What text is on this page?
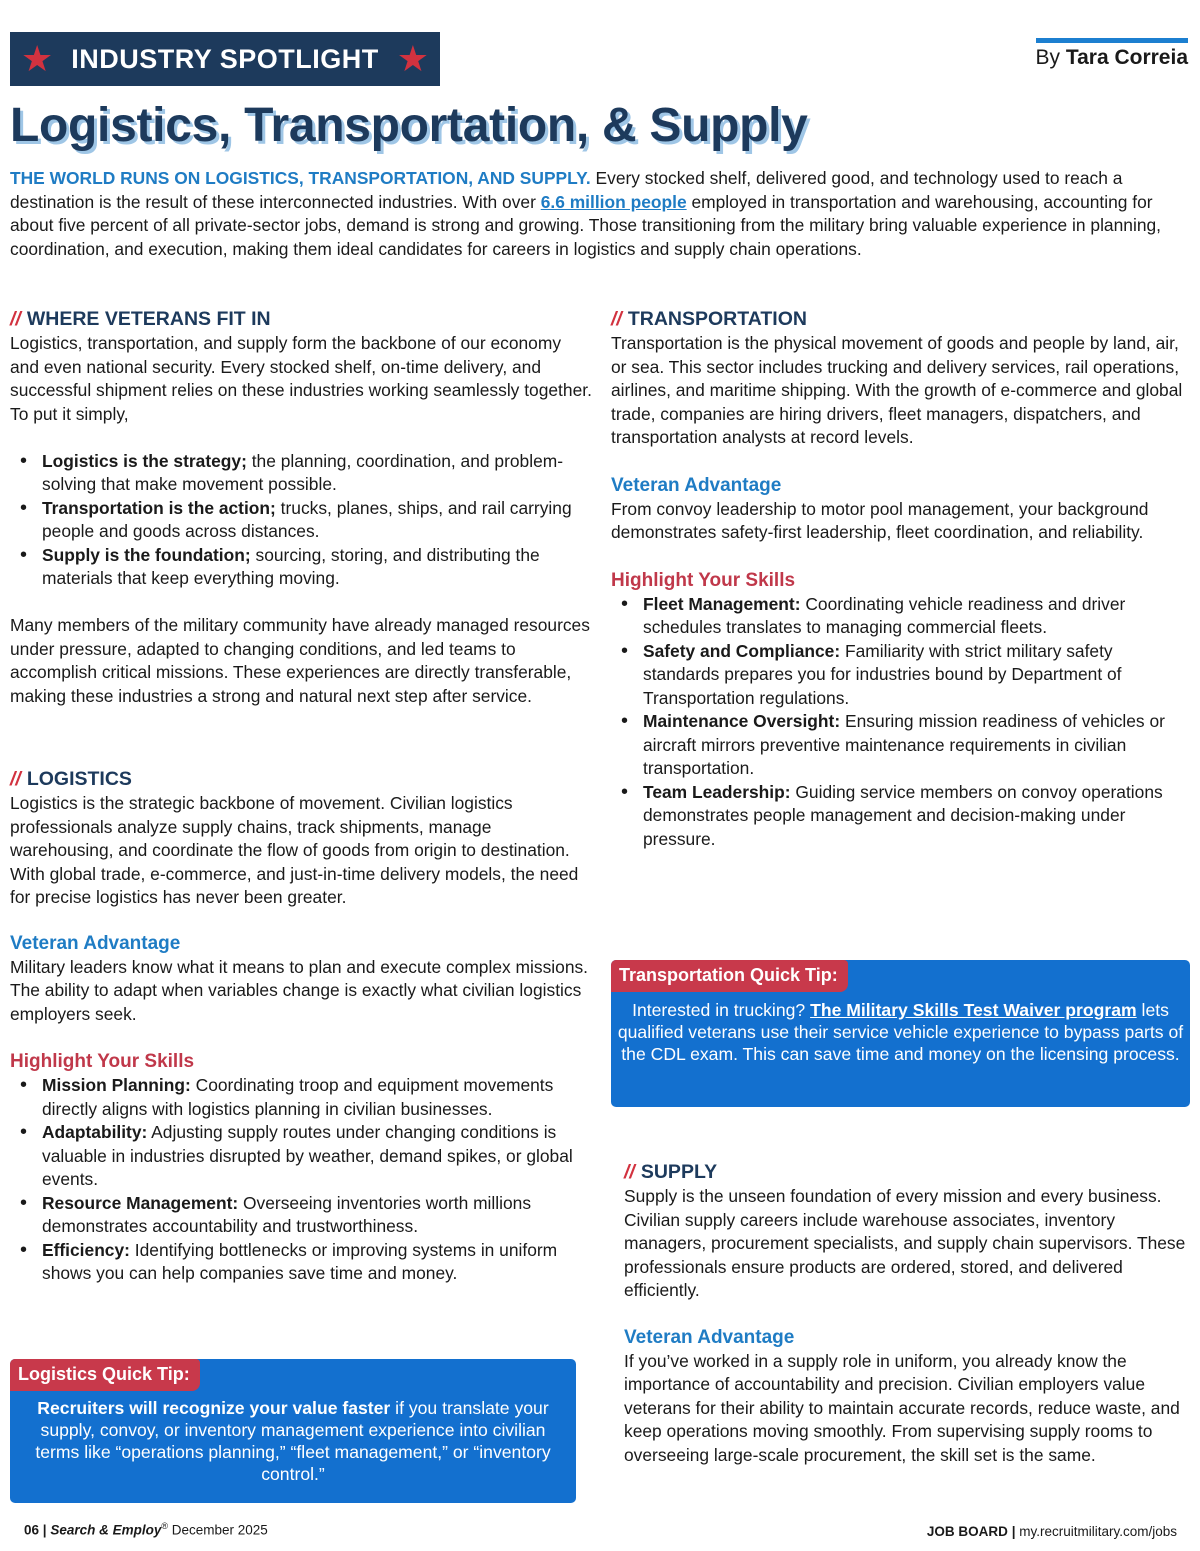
★ INDUSTRY SPOTLIGHT ★	By Tara Correia
Logistics, Transportation, & Supply

THE WORLD RUNS ON LOGISTICS, TRANSPORTATION, AND SUPPLY. Every stocked shelf, delivered good, and technology used to reach a destination is the result of these interconnected industries. With over 6.6 million people employed in transportation and warehousing, accounting for about five percent of all private-sector jobs, demand is strong and growing. Those transitioning from the military bring valuable experience in planning, coordination, and execution, making them ideal candidates for careers in logistics and supply chain operations.

// WHERE VETERANS FIT IN

Logistics, transportation, and supply form the backbone of our economy and even national security. Every stocked shelf, on-time delivery, and successful shipment relies on these industries working seamlessly together. To put it simply,

• Logistics is the strategy; the planning, coordination, and problem-solving that make movement possible.
• Transportation is the action; trucks, planes, ships, and rail carrying people and goods across distances.
• Supply is the foundation; sourcing, storing, and distributing the materials that keep everything moving.

Many members of the military community have already managed resources under pressure, adapted to changing conditions, and led teams to accomplish critical missions. These experiences are directly transferable, making these industries a strong and natural next step after service.

// LOGISTICS

Logistics is the strategic backbone of movement. Civilian logistics professionals analyze supply chains, track shipments, manage warehousing, and coordinate the flow of goods from origin to destination. With global trade, e-commerce, and just-in-time delivery models, the need for precise logistics has never been greater.

Veteran Advantage

Military leaders know what it means to plan and execute complex missions. The ability to adapt when variables change is exactly what civilian logistics employers seek.

Highlight Your Skills
• Mission Planning: Coordinating troop and equipment movements directly aligns with logistics planning in civilian businesses.
• Adaptability: Adjusting supply routes under changing conditions is valuable in industries disrupted by weather, demand spikes, or global events.
• Resource Management: Overseeing inventories worth millions demonstrates accountability and trustworthiness.
• Efficiency: Identifying bottlenecks or improving systems in uniform shows you can help companies save time and money.
Logistics Quick Tip:

Recruiters will recognize your value faster if you translate your supply, convoy, or inventory management experience into civilian terms like “operations planning,” “fleet management,” or “inventory control.”

// TRANSPORTATION

Transportation is the physical movement of goods and people by land, air, or sea. This sector includes trucking and delivery services, rail operations, airlines, and maritime shipping. With the growth of e-commerce and global trade, companies are hiring drivers, fleet managers, dispatchers, and transportation analysts at record levels.

Veteran Advantage

From convoy leadership to motor pool management, your background demonstrates safety-first leadership, fleet coordination, and reliability.

Highlight Your Skills
• Fleet Management: Coordinating vehicle readiness and driver schedules translates to managing commercial fleets.
• Safety and Compliance: Familiarity with strict military safety standards prepares you for industries bound by Department of Transportation regulations.
• Maintenance Oversight: Ensuring mission readiness of vehicles or aircraft mirrors preventive maintenance requirements in civilian transportation.
• Team Leadership: Guiding service members on convoy operations demonstrates people management and decision-making under pressure.
Transportation Quick Tip:

Interested in trucking? The Military Skills Test Waiver program lets qualified veterans use their service vehicle experience to bypass parts of the CDL exam. This can save time and money on the licensing process.

// SUPPLY

Supply is the unseen foundation of every mission and every business. Civilian supply careers include warehouse associates, inventory managers, procurement specialists, and supply chain supervisors. These professionals ensure products are ordered, stored, and delivered efficiently.

Veteran Advantage

If you’ve worked in a supply role in uniform, you already know the importance of accountability and precision. Civilian employers value veterans for their ability to maintain accurate records, reduce waste, and keep operations moving smoothly. From supervising supply rooms to overseeing large-scale procurement, the skill set is the same.

06 | Search & Employ® December 2025	JOB BOARD | my.recruitmilitary.com/jobs
